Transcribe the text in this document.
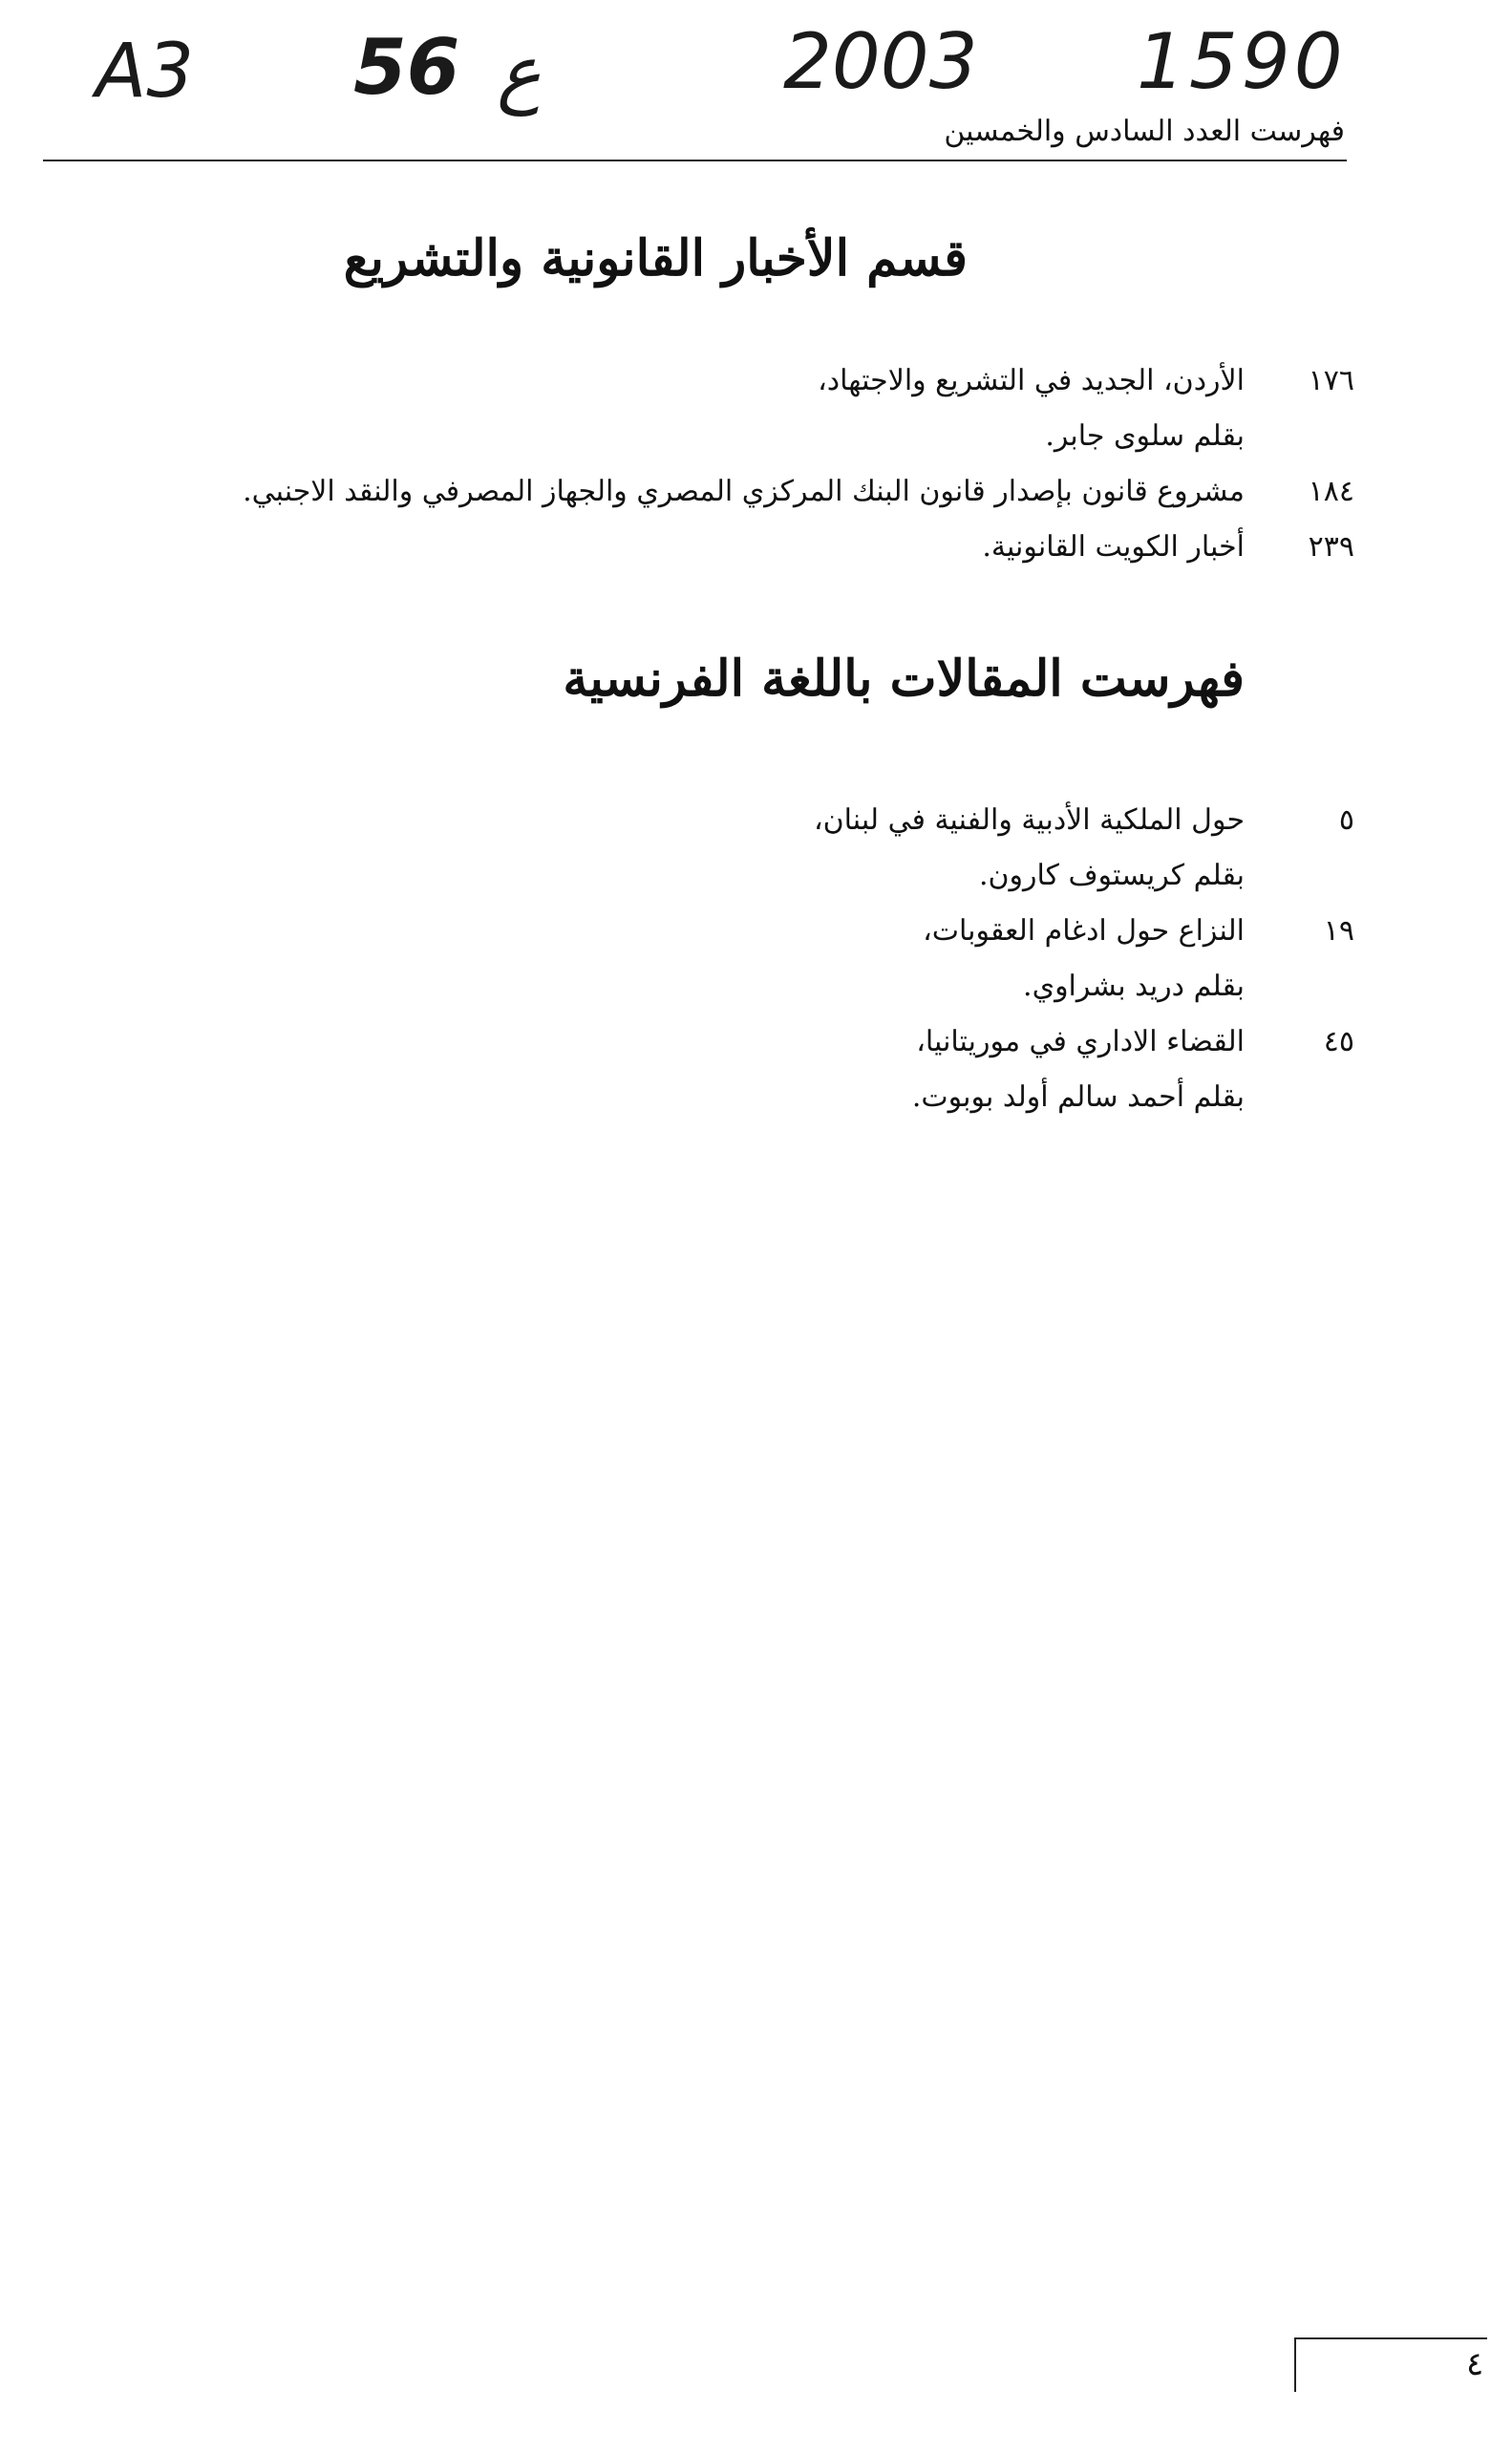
A3 56 ع	2003 1590
فهرست العدد السادس والخمسين
قسم الأخبار القانونية والتشريع
١٧٦
الأردن، الجديد في التشريع والاجتهاد،
بقلم سلوى جابر.
١٨٤
مشروع قانون بإصدار قانون البنك المركزي المصري والجهاز المصرفي والنقد الاجنبي.
٢٣٩
أخبار الكويت القانونية.
فهرست المقالات باللغة الفرنسية
٥
حول الملكية الأدبية والفنية في لبنان،
بقلم كريستوف كارون.
١٩
النزاع حول ادغام العقوبات،
بقلم دريد بشراوي.
٤٥
القضاء الاداري في موريتانيا،
بقلم أحمد سالم أولد بوبوت.
٤
